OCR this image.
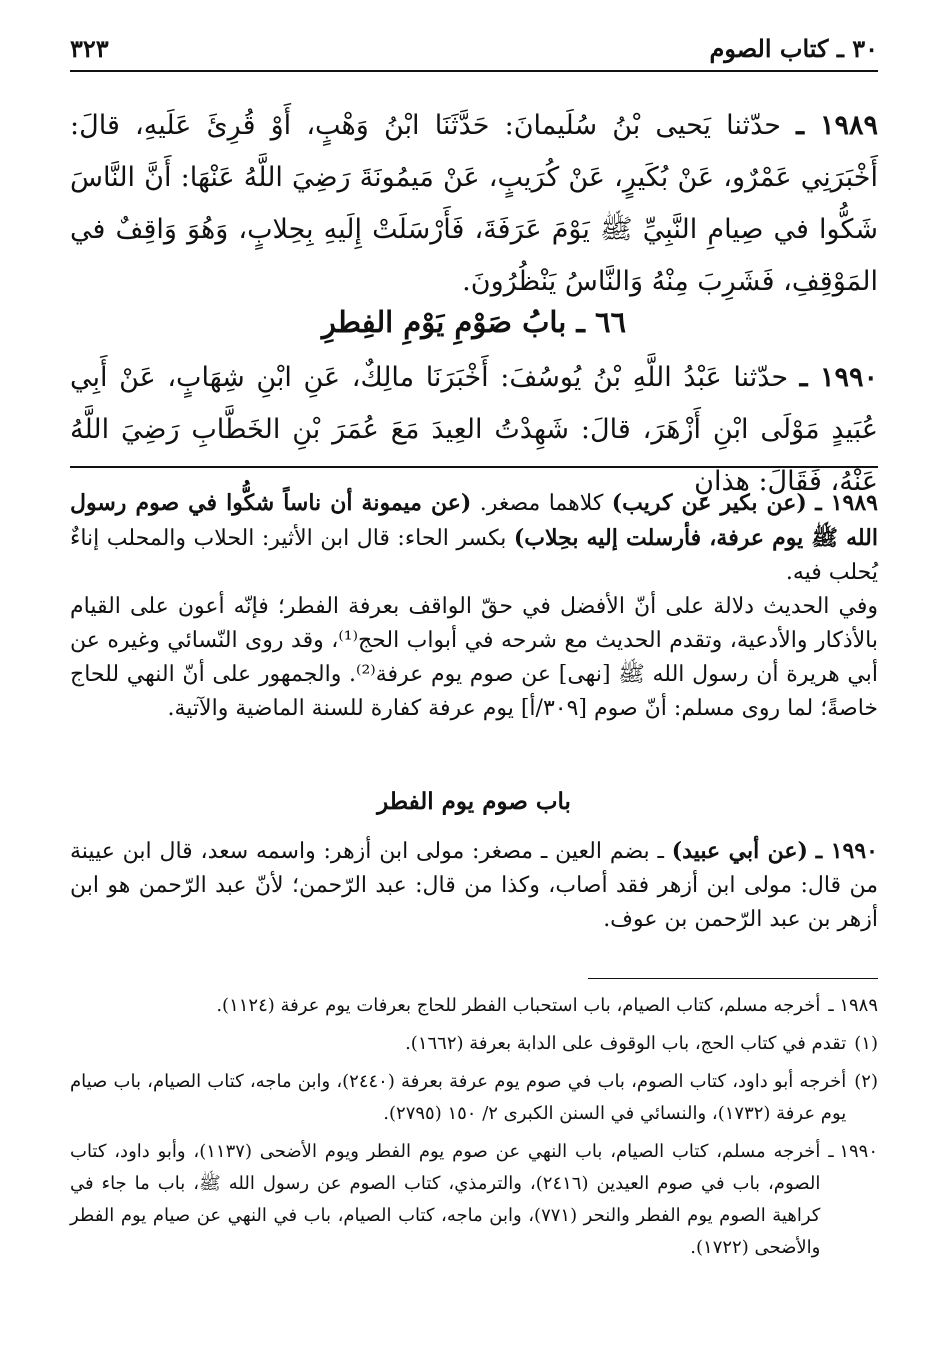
٣٠ ـ كتاب الصوم
٣٢٣
١٩٨٩ ـ حدّثنا يَحيى بْنُ سُلَيمانَ: حَدَّثَنَا ابْنُ وَهْبٍ، أَوْ قُرِئَ عَلَيهِ، قالَ: أَخْبَرَنِي عَمْرٌو، عَنْ بُكَيرٍ، عَنْ كُرَيبٍ، عَنْ مَيمُونَةَ رَضِيَ اللَّهُ عَنْهَا: أَنَّ النَّاسَ شَكُّوا في صِيامِ النَّبِيِّ ﷺ يَوْمَ عَرَفَةَ، فَأَرْسَلَتْ إِلَيهِ بِحِلابٍ، وَهُوَ وَاقِفٌ في المَوْقِفِ، فَشَرِبَ مِنْهُ وَالنَّاسُ يَنْظُرُونَ.
٦٦ ـ بابُ صَوْمِ يَوْمِ الفِطرِ
١٩٩٠ ـ حدّثنا عَبْدُ اللَّهِ بْنُ يُوسُفَ: أَخْبَرَنَا مالِكٌ، عَنِ ابْنِ شِهَابٍ، عَنْ أَبِي عُبَيدٍ مَوْلَى ابْنِ أَزْهَرَ، قالَ: شَهِدْتُ العِيدَ مَعَ عُمَرَ بْنِ الخَطَّابِ رَضِيَ اللَّهُ عَنْهُ، فَقَالَ: هذانِ

١٩٨٩ ـ (عن بكير عن كريب) كلاهما مصغر. (عن ميمونة أن ناساً شكُّوا في صوم رسول الله ﷺ يوم عرفة، فأرسلت إليه بحِلاب) بكسر الحاء: قال ابن الأثير: الحلاب والمحلب إناءٌ يُحلب فيه.

وفي الحديث دلالة على أنّ الأفضل في حقّ الواقف بعرفة الفطر؛ فإنّه أعون على القيام بالأذكار والأدعية، وتقدم الحديث مع شرحه في أبواب الحج⁽¹⁾، وقد روى النّسائي وغيره عن أبي هريرة أن رسول الله ﷺ [نهى] عن صوم يوم عرفة⁽²⁾. والجمهور على أنّ النهي للحاج خاصةً؛ لما روى مسلم: أنّ صوم [٣٠٩/أ] يوم عرفة كفارة للسنة الماضية والآتية.

باب صوم يوم الفطر

١٩٩٠ ـ (عن أبي عبيد) ـ بضم العين ـ مصغر: مولى ابن أزهر: واسمه سعد، قال ابن عيينة من قال: مولى ابن أزهر فقد أصاب، وكذا من قال: عبد الرّحمن؛ لأنّ عبد الرّحمن هو ابن أزهر بن عبد الرّحمن بن عوف.

١٩٨٩ ـ
أخرجه مسلم، كتاب الصيام، باب استحباب الفطر للحاج بعرفات يوم عرفة (١١٢٤).
(١)
تقدم في كتاب الحج، باب الوقوف على الدابة بعرفة (١٦٦٢).
(٢)
أخرجه أبو داود، كتاب الصوم، باب في صوم يوم عرفة بعرفة (٢٤٤٠)، وابن ماجه، كتاب الصيام، باب صيام يوم عرفة (١٧٣٢)، والنسائي في السنن الكبرى ٢/ ١٥٠ (٢٧٩٥).
١٩٩٠ ـ
أخرجه مسلم، كتاب الصيام، باب النهي عن صوم يوم الفطر ويوم الأضحى (١١٣٧)، وأبو داود، كتاب الصوم، باب في صوم العيدين (٢٤١٦)، والترمذي، كتاب الصوم عن رسول الله ﷺ، باب ما جاء في كراهية الصوم يوم الفطر والنحر (٧٧١)، وابن ماجه، كتاب الصيام، باب في النهي عن صيام يوم الفطر والأضحى (١٧٢٢).
